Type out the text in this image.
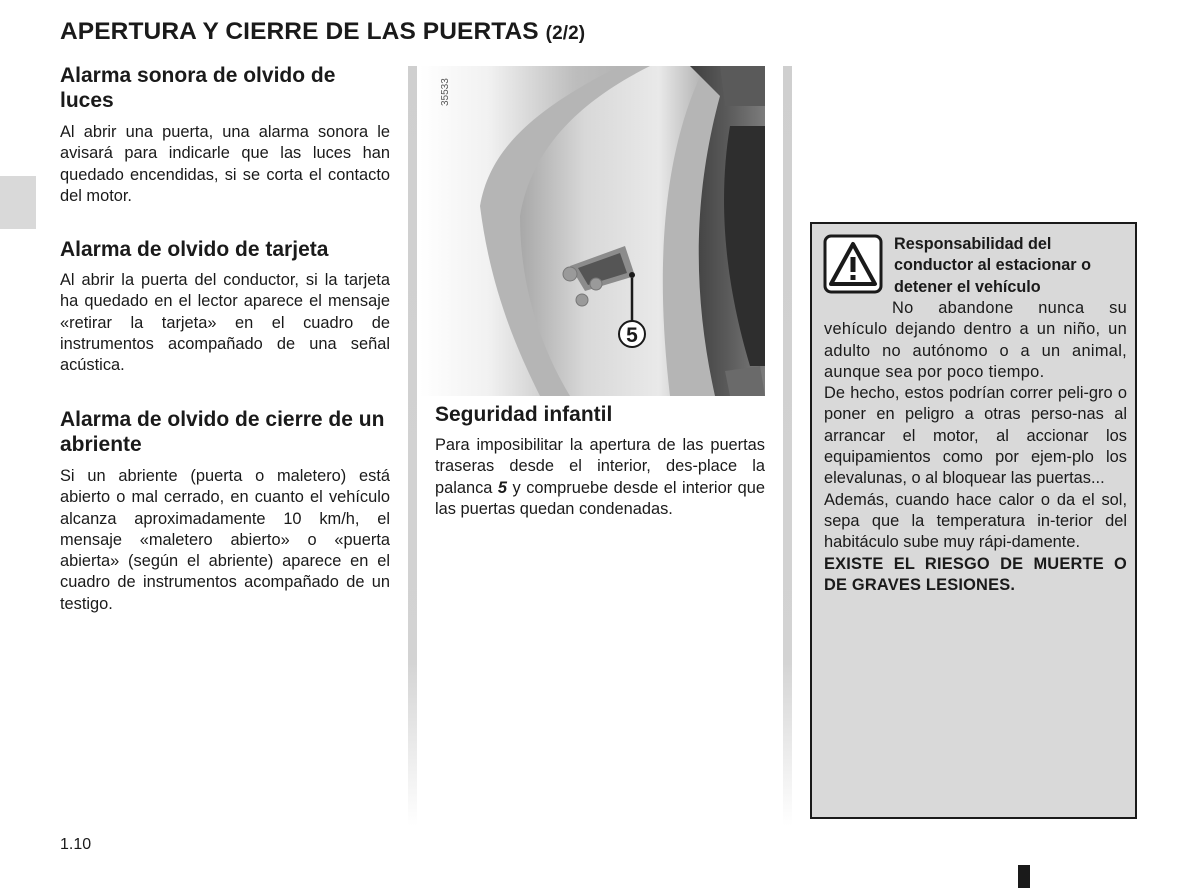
APERTURA Y CIERRE DE LAS PUERTAS (2/2)
Alarma sonora de olvido de luces
Al abrir una puerta, una alarma sonora le avisará para indicarle que las luces han quedado encendidas, si se corta el contacto del motor.
Alarma de olvido de tarjeta
Al abrir la puerta del conductor, si la tarjeta ha quedado en el lector aparece el mensaje «retirar la tarjeta» en el cuadro de instrumentos acompañado de una señal acústica.
Alarma de olvido de cierre de un abriente
Si un abriente (puerta o maletero) está abierto o mal cerrado, en cuanto el vehículo alcanza aproximadamente 10 km/h, el mensaje «maletero abierto» o «puerta abierta» (según el abriente) aparece en el cuadro de instrumentos acompañado de un testigo.
5
35533
Seguridad infantil
Para imposibilitar la apertura de las puertas traseras desde el interior, des-place la palanca 5 y compruebe desde el interior que las puertas quedan condenadas.
Responsabilidad del conductor al estacionar o detener el vehículo
No abandone nunca su vehículo dejando dentro a un niño, un adulto no autónomo o a un animal, aunque sea por poco tiempo.
De hecho, estos podrían correr peli-gro o poner en peligro a otras perso-nas al arrancar el motor, al accionar los equipamientos como por ejem-plo los elevalunas, o al bloquear las puertas...
Además, cuando hace calor o da el sol, sepa que la temperatura in-terior del habitáculo sube muy rápi-damente.
EXISTE EL RIESGO DE MUERTE O DE GRAVES LESIONES.
1.10
